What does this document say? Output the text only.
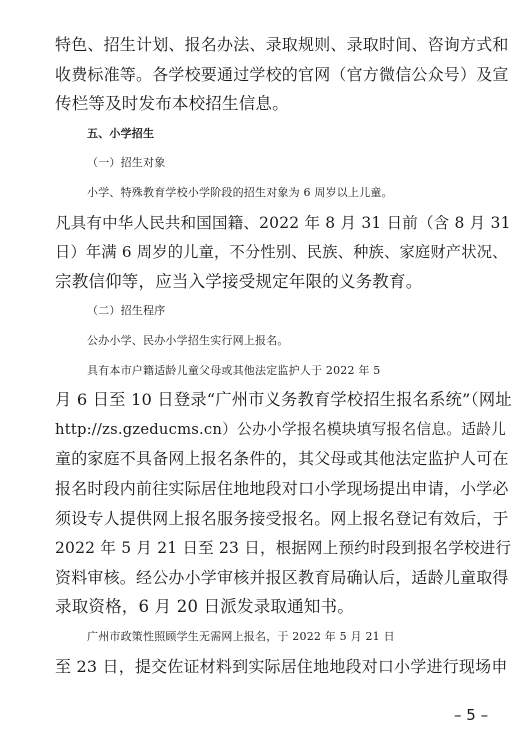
特色、招生计划、报名办法、录取规则、录取时间、咨询方式和
收费标准等。各学校要通过学校的官网（官方微信公众号）及宣
传栏等及时发布本校招生信息。
五、小学招生
（一）招生对象
小学、特殊教育学校小学阶段的招生对象为 6 周岁以上儿童。
凡具有中华人民共和国国籍、2022 年 8 月 31 日前（含 8 月 31
日）年满 6 周岁的儿童，不分性别、民族、种族、家庭财产状况、
宗教信仰等，应当入学接受规定年限的义务教育。
（二）招生程序
公办小学、民办小学招生实行网上报名。
具有本市户籍适龄儿童父母或其他法定监护人于 2022 年 5
月 6 日至 10 日登录“广州市义务教育学校招生报名系统”（网址
http://zs.gzeducms.cn）公办小学报名模块填写报名信息。适龄儿
童的家庭不具备网上报名条件的，其父母或其他法定监护人可在
报名时段内前往实际居住地地段对口小学现场提出申请，小学必
须设专人提供网上报名服务接受报名。网上报名登记有效后，于
2022 年 5 月 21 日至 23 日，根据网上预约时段到报名学校进行
资料审核。经公办小学审核并报区教育局确认后，适龄儿童取得
录取资格，6 月 20 日派发录取通知书。
广州市政策性照顾学生无需网上报名，于 2022 年 5 月 21 日
至 23 日，提交佐证材料到实际居住地地段对口小学进行现场申
– 5 –
